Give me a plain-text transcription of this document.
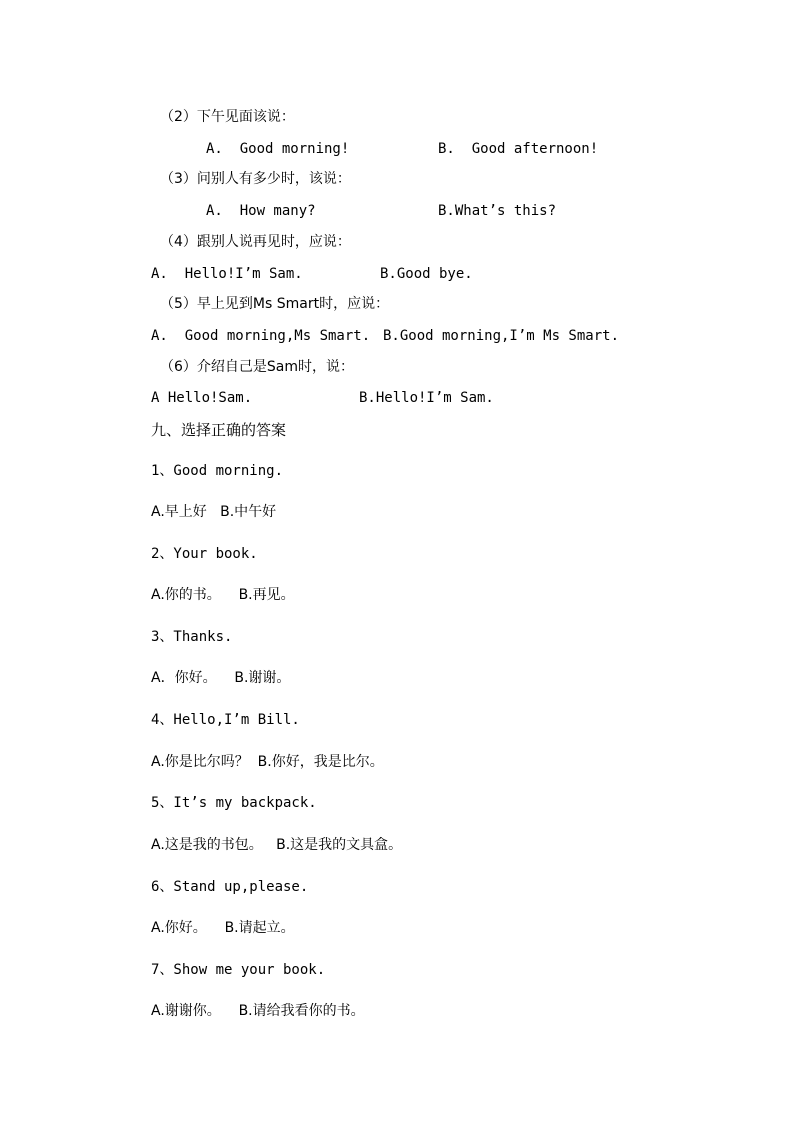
（2）下午见面该说：
A.  Good morning!	B.  Good afternoon!
（3）问别人有多少时，该说：
A.  How many?	B.What’s this?
（4）跟别人说再见时，应说：
A.  Hello!I’m Sam.	B.Good bye.
（5）早上见到Ms Smart时，应说：
A.  Good morning,Ms Smart. B.Good morning,I’m Ms Smart.
（6）介绍自己是Sam时，说：
A Hello!Sam.	B.Hello!I’m Sam.
九、选择正确的答案
1、Good morning.
A.早上好   B.中午好
2、Your book.
A.你的书。    B.再见。
3、Thanks.
A．你好。    B.谢谢。
4、Hello,I’m Bill.
A.你是比尔吗？  B.你好，我是比尔。
5、It’s my backpack.
A.这是我的书包。   B.这是我的文具盒。
6、Stand up,please.
A.你好。    B.请起立。
7、Show me your book.
A.谢谢你。    B.请给我看你的书。
